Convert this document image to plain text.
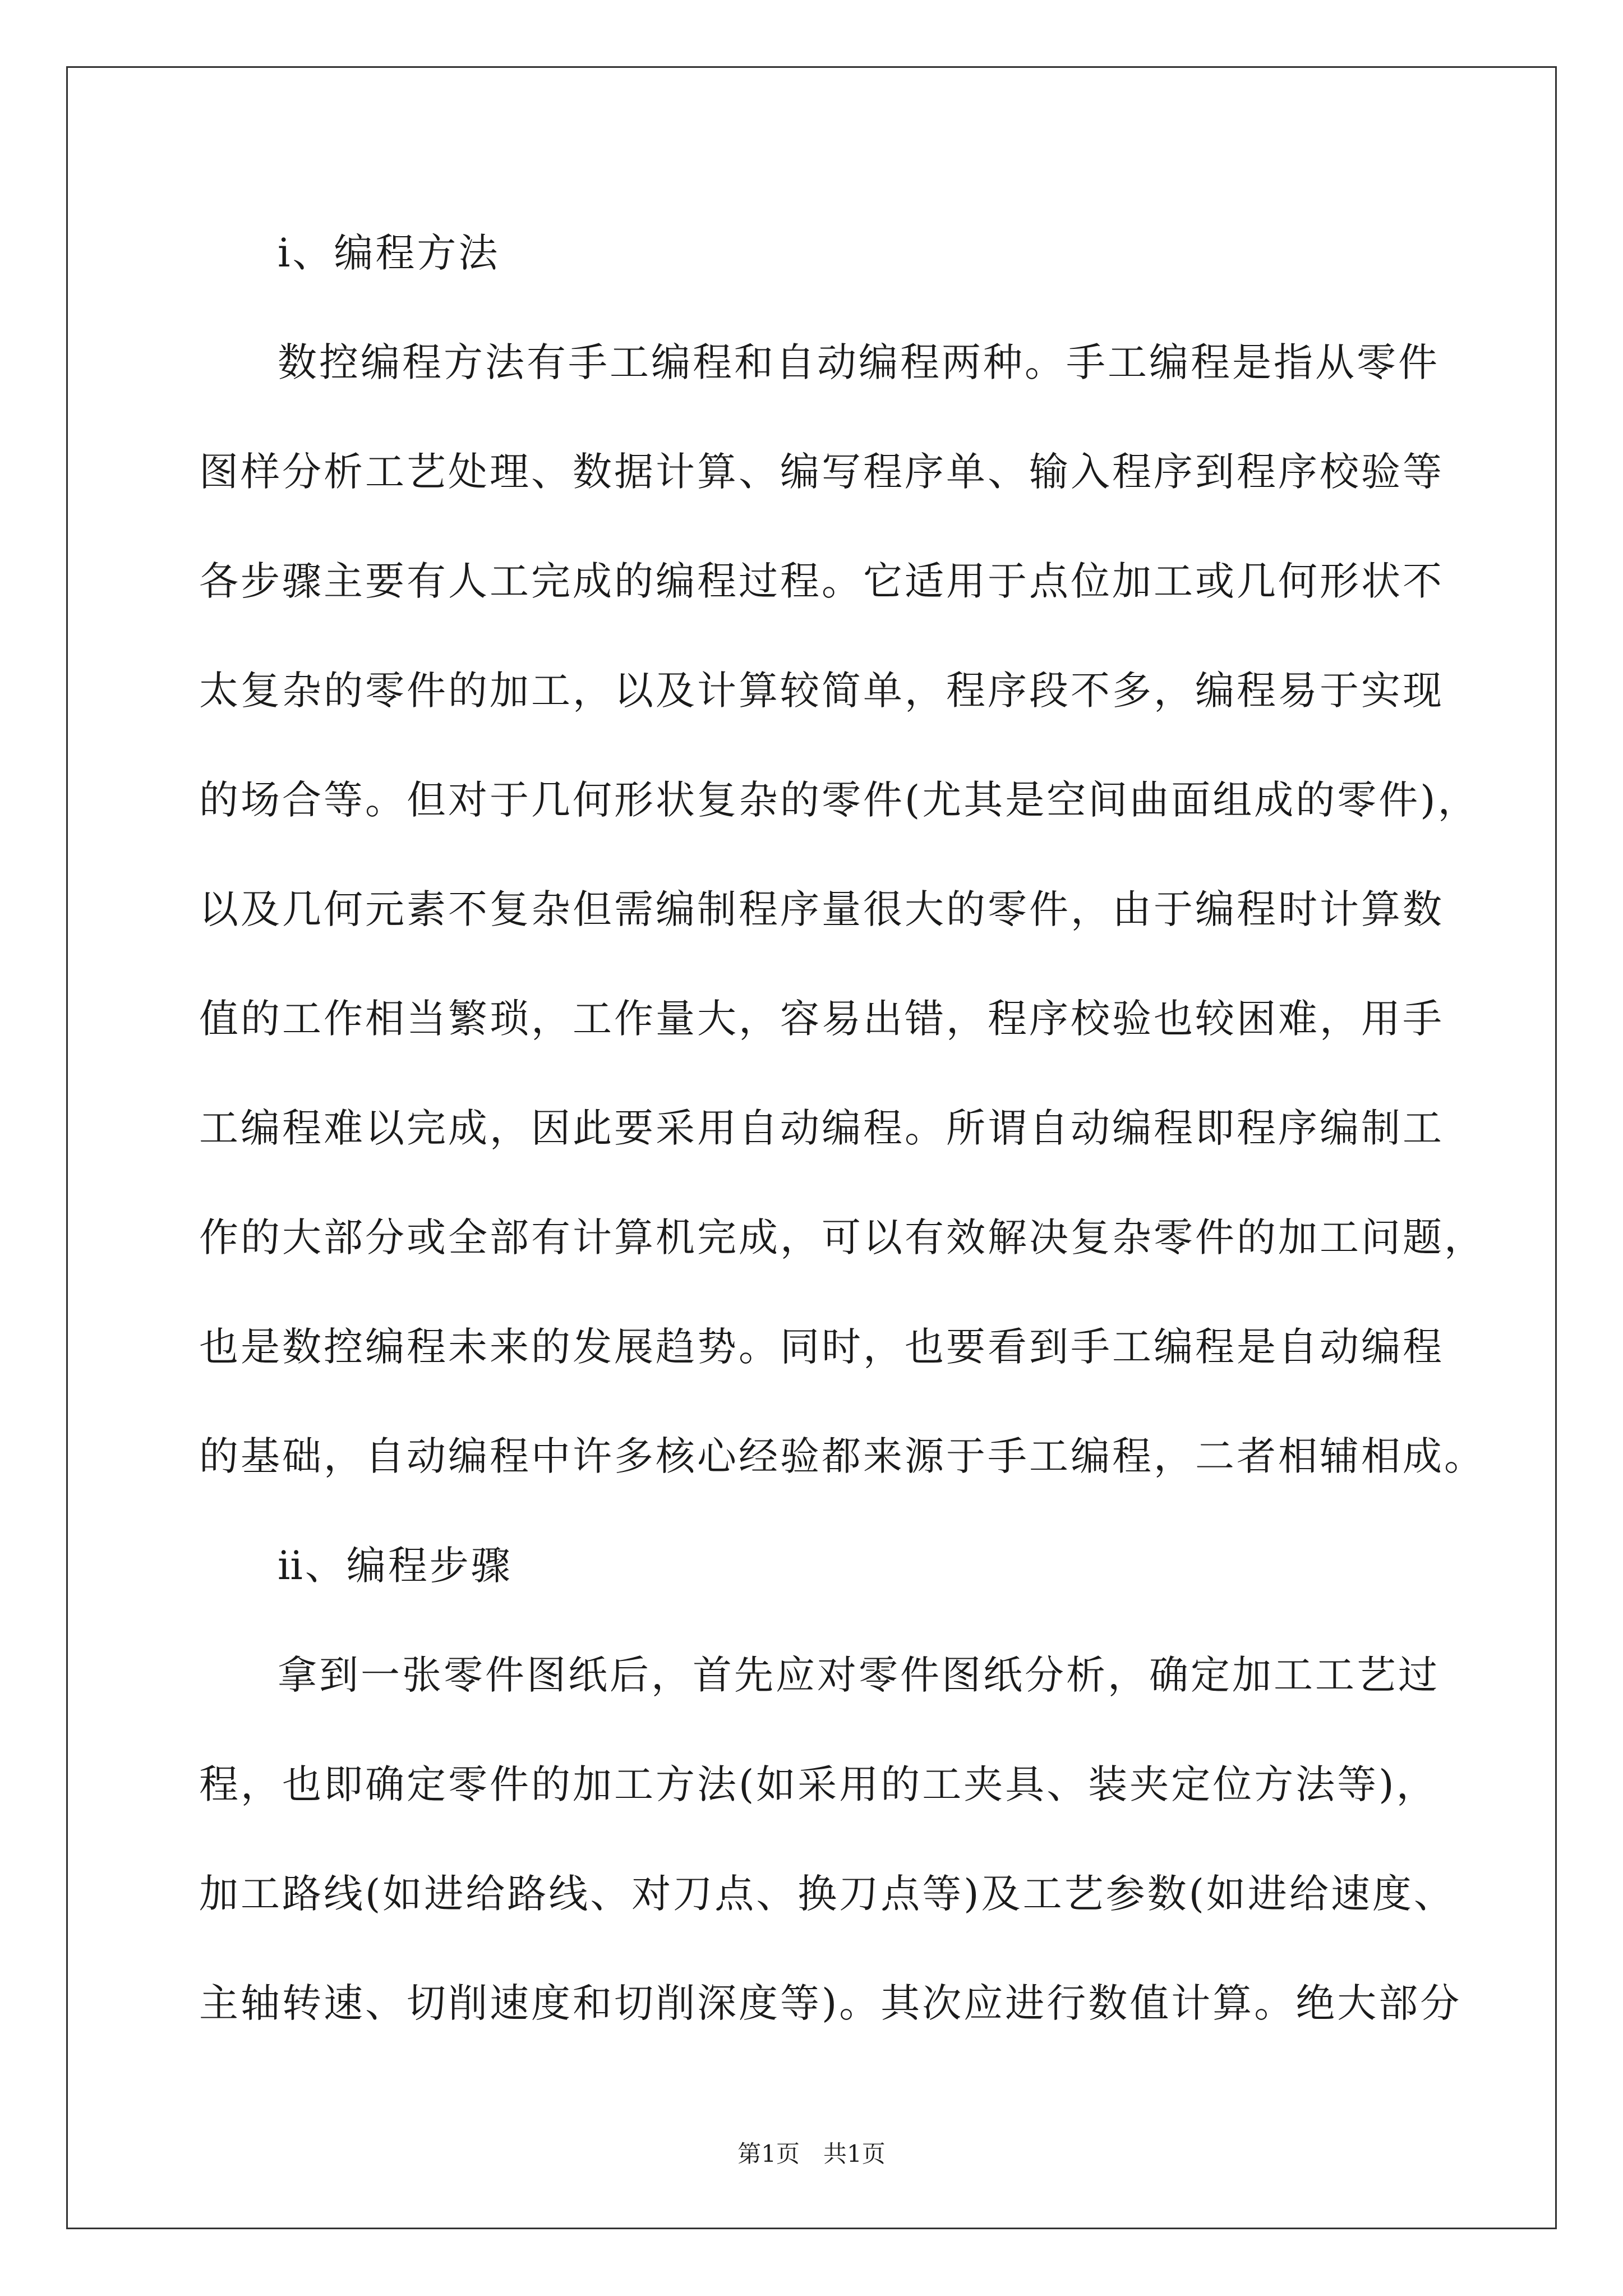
ⅰ、编程方法
数控编程方法有手工编程和自动编程两种。手工编程是指从零件
图样分析工艺处理、数据计算、编写程序单、输入程序到程序校验等
各步骤主要有人工完成的编程过程。它适用于点位加工或几何形状不
太复杂的零件的加工，以及计算较简单，程序段不多，编程易于实现
的场合等。但对于几何形状复杂的零件(尤其是空间曲面组成的零件)，
以及几何元素不复杂但需编制程序量很大的零件，由于编程时计算数
值的工作相当繁琐，工作量大，容易出错，程序校验也较困难，用手
工编程难以完成，因此要采用自动编程。所谓自动编程即程序编制工
作的大部分或全部有计算机完成，可以有效解决复杂零件的加工问题，
也是数控编程未来的发展趋势。同时，也要看到手工编程是自动编程
的基础，自动编程中许多核心经验都来源于手工编程，二者相辅相成。
ⅱ、编程步骤
拿到一张零件图纸后，首先应对零件图纸分析，确定加工工艺过
程，也即确定零件的加工方法(如采用的工夹具、装夹定位方法等)，
加工路线(如进给路线、对刀点、换刀点等)及工艺参数(如进给速度、
主轴转速、切削速度和切削深度等)。其次应进行数值计算。绝大部分
第1页　共1页
